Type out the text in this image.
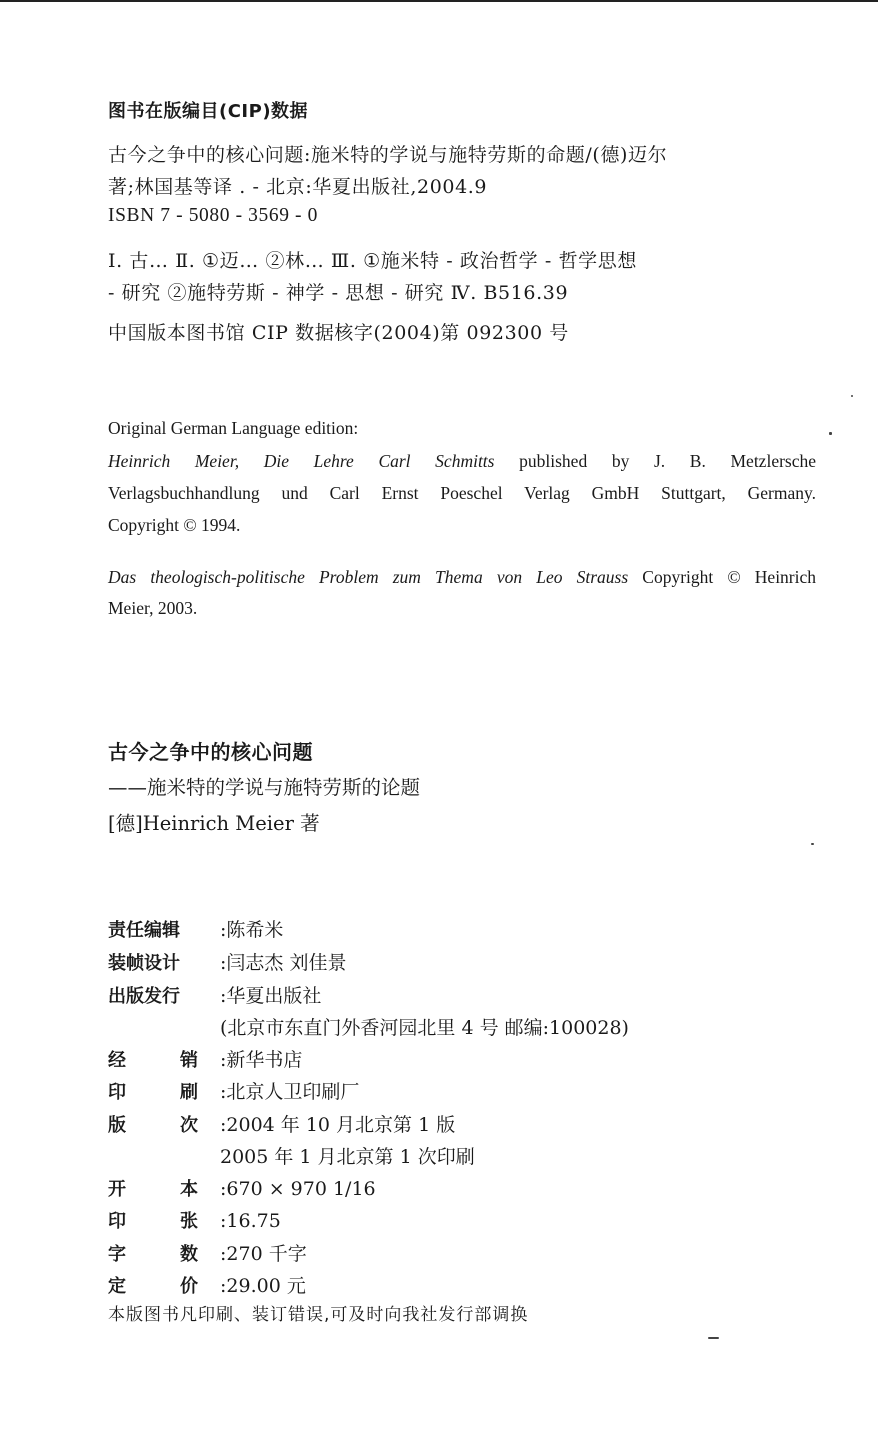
图书在版编目(CIP)数据
古今之争中的核心问题:施米特的学说与施特劳斯的命题/(德)迈尔
著;林国基等译 . - 北京:华夏出版社,2004.9
ISBN 7 - 5080 - 3569 - 0
Ⅰ. 古… Ⅱ. ①迈… ②林… Ⅲ. ①施米特 - 政治哲学 - 哲学思想
- 研究 ②施特劳斯 - 神学 - 思想 - 研究 Ⅳ. B516.39
中国版本图书馆 CIP 数据核字(2004)第 092300 号
Original German Language edition:
Heinrich Meier, Die Lehre Carl Schmitts published by J. B. Metzlersche
Verlagsbuchhandlung und Carl Ernst Poeschel Verlag GmbH Stuttgart, Germany.
Copyright © 1994.
Das theologisch-politische Problem zum Thema von Leo Strauss Copyright © Heinrich
Meier, 2003.
古今之争中的核心问题
——施米特的学说与施特劳斯的论题
[德]Heinrich Meier 著
责任编辑 :陈希米
装帧设计 :闫志杰 刘佳景
出版发行 :华夏出版社
(北京市东直门外香河园北里 4 号 邮编:100028)
经	销 :新华书店
印	刷 :北京人卫印刷厂
版	次 :2004 年 10 月北京第 1 版
2005 年 1 月北京第 1 次印刷
开	本 :670 × 970 1/16
印	张 :16.75
字	数 :270 千字
定	价 :29.00 元
本版图书凡印刷、装订错误,可及时向我社发行部调换
